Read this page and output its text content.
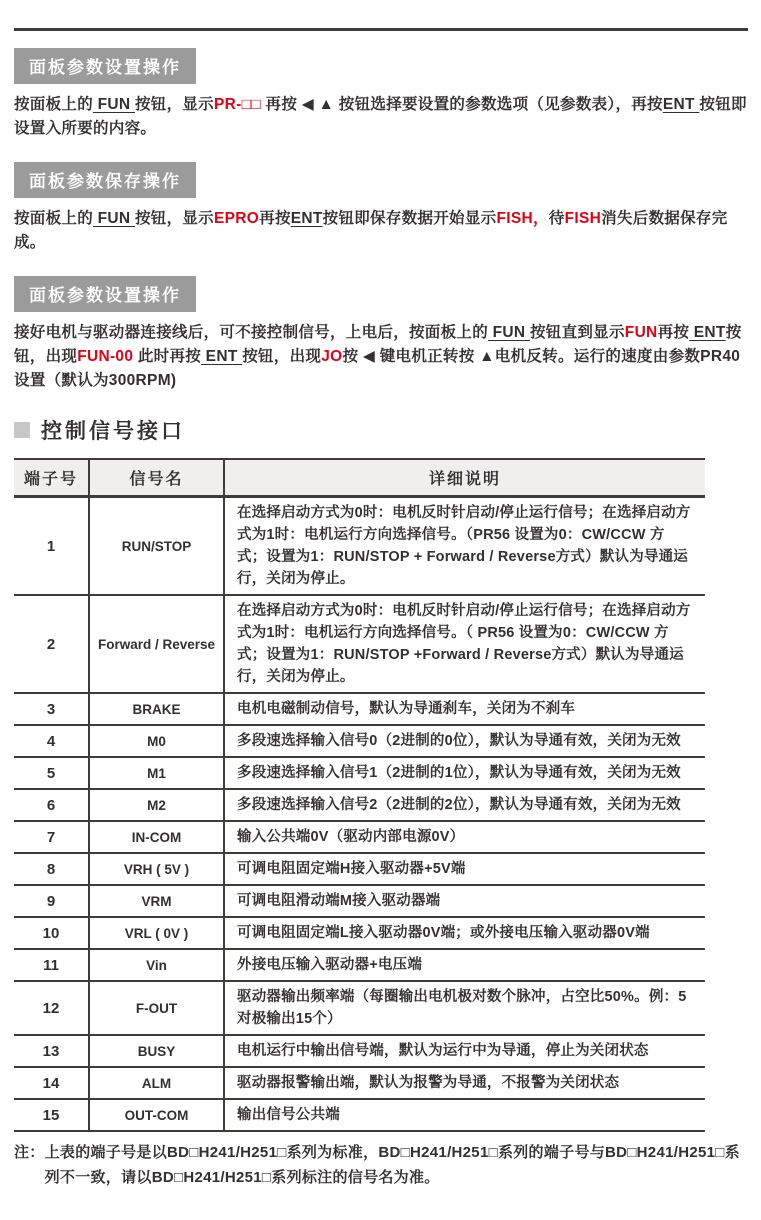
面板参数设置操作

按面板上的 FUN 按钮，显示PR-□□ 再按 ◀ ▲ 按钮选择要设置的参数选项（见参数表），再按ENT 按钮即设置入所要的内容。

面板参数保存操作

按面板上的 FUN 按钮，显示EPRO再按ENT按钮即保存数据开始显示FISH，待FISH消失后数据保存完成。

面板参数设置操作

接好电机与驱动器连接线后，可不接控制信号，上电后，按面板上的 FUN 按钮直到显示FUN再按 ENT按钮，出现FUN-00 此时再按 ENT 按钮，出现JO按 ◀ 键电机正转按 ▲电机反转。运行的速度由参数PR40设置（默认为300RPM)

控制信号接口
端子号	信号名	详细说明
1	RUN/STOP	在选择启动方式为0时：电机反时针启动/停止运行信号；在选择启动方式为1时：电机运行方向选择信号。（PR56 设置为0：CW/CCW 方式；设置为1：RUN/STOP + Forward / Reverse方式）默认为导通运行，关闭为停止。
2	Forward / Reverse	在选择启动方式为0时：电机反时针启动/停止运行信号；在选择启动方式为1时：电机运行方向选择信号。（ PR56 设置为0：CW/CCW 方式；设置为1：RUN/STOP +Forward / Reverse方式）默认为导通运行，关闭为停止。
3	BRAKE	电机电磁制动信号，默认为导通刹车，关闭为不刹车
4	M0	多段速选择输入信号0（2进制的0位），默认为导通有效，关闭为无效
5	M1	多段速选择输入信号1（2进制的1位），默认为导通有效，关闭为无效
6	M2	多段速选择输入信号2（2进制的2位），默认为导通有效，关闭为无效
7	IN-COM	输入公共端0V（驱动内部电源0V）
8	VRH ( 5V )	可调电阻固定端H接入驱动器+5V端
9	VRM	可调电阻滑动端M接入驱动器端
10	VRL ( 0V )	可调电阻固定端L接入驱动器0V端；或外接电压输入驱动器0V端
11	Vin	外接电压输入驱动器+电压端
12	F-OUT	驱动器输出频率端（每圈输出电机极对数个脉冲，占空比50%。例：5对极输出15个）
13	BUSY	电机运行中输出信号端，默认为运行中为导通，停止为关闭状态
14	ALM	驱动器报警输出端，默认为报警为导通，不报警为关闭状态
15	OUT-COM	输出信号公共端
注： 上表的端子号是以BD□H241/H251□系列为标准，BD□H241/H251□系列的端子号与BD□H241/H251□系列不一致，请以BD□H241/H251□系列标注的信号名为准。
